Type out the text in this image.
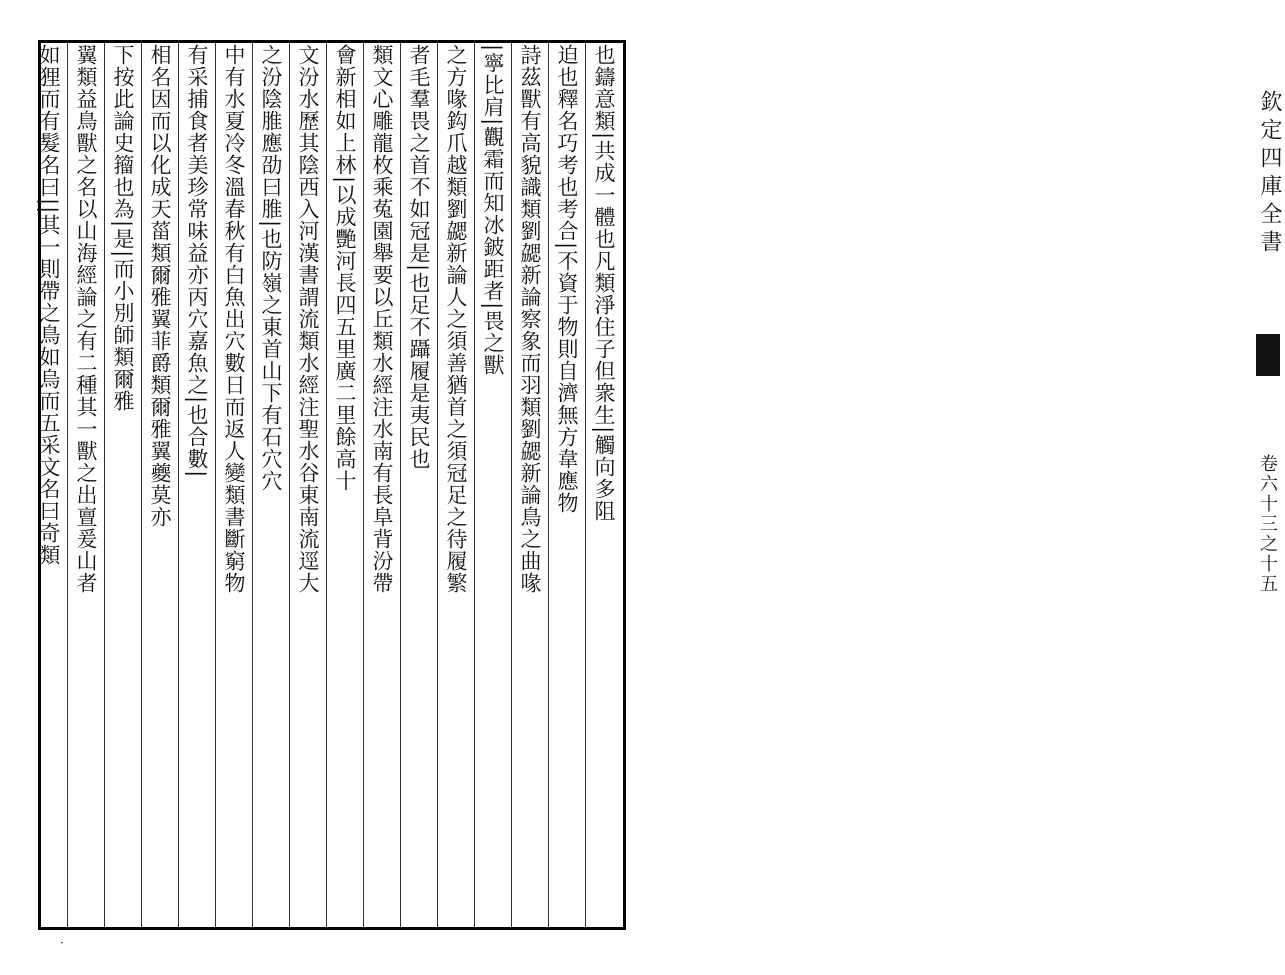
欽定四庫全書
卷六十三之十五
也鑄意類|共成一體也凡類淨住子但衆生|觸向多阻
迫也釋名巧考也考合|不資于物則自濟無方韋應物
詩茲獸有高貌識類劉勰新論察象而羽類劉勰新論鳥之曲喙
|寧比肩|觀霜而知冰鈹距者|畏之獸
之方喙鈎爪越類劉勰新論人之須善猶首之須冠足之待履繁
者毛羣畏之首不如冠是|也足不躡履是夷民也
類文心雕龍枚乘菟園舉要以丘類水經注水南有長阜背汾帶
會新相如上林|以成艷河長四五里廣二里餘高十
文汾水歷其陰西入河漢書謂流類水經注聖水谷東南流逕大
之汾陰脽應劭曰脽|也防嶺之東首山下有石穴穴
中有水夏冷冬溫春秋有白魚出穴數日而返人變類書斷窮物
有采捕食者美珍常味益亦丙穴嘉魚之|也合數|
相名因而以化成天菑類爾雅翼菲爵類爾雅翼夔莫亦
下按此論史籀也為|是|而小別師類爾雅
翼類益鳥獸之名以山海經論之有二種其一獸之出亶爰山者
如狸而有髮名曰||其一則帶之鳥如烏而五采文名曰奇類
·
